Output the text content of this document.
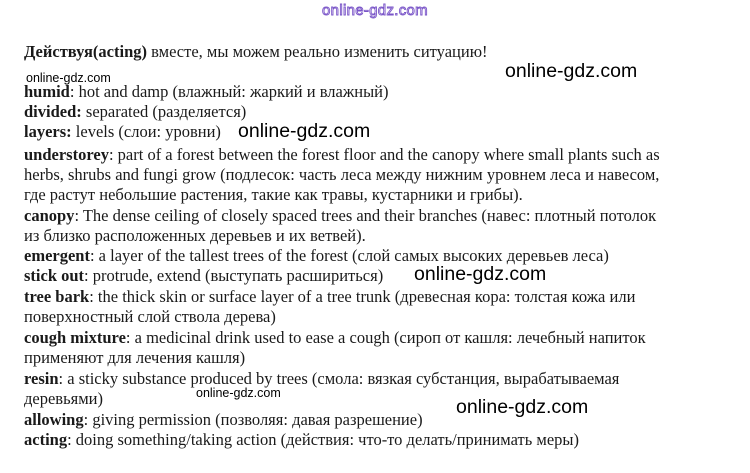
online-gdz.com
Действуя(acting) вместе, мы можем реально изменить ситуацию!
humid: hot and damp (влажный: жаркий и влажный)
divided: separated (разделяется)
layers: levels (слои: уровни)
understorey: part of a forest between the forest floor and the canopy where small plants such as
herbs, shrubs and fungi grow (подлесок: часть леса между нижним уровнем леса и навесом,
где растут небольшие растения, такие как травы, кустарники и грибы).
canopy: The dense ceiling of closely spaced trees and their branches (навес: плотный потолок
из близко расположенных деревьев и их ветвей).
emergent: a layer of the tallest trees of the forest (слой самых высоких деревьев леса)
stick out: protrude, extend (выступать расшириться)
tree bark: the thick skin or surface layer of a tree trunk (древесная кора: толстая кожа или
поверхностный слой ствола дерева)
cough mixture: a medicinal drink used to ease a cough (сироп от кашля: лечебный напиток
применяют для лечения кашля)
resin: a sticky substance produced by trees (смола: вязкая субстанция, вырабатываемая
деревьями)
allowing: giving permission (позволяя: давая разрешение)
acting: doing something/taking action (действия: что-то делать/принимать меры)
online-gdz.com	online-gdz.com
online-gdz.com
online-gdz.com
online-gdz.com
online-gdz.com
